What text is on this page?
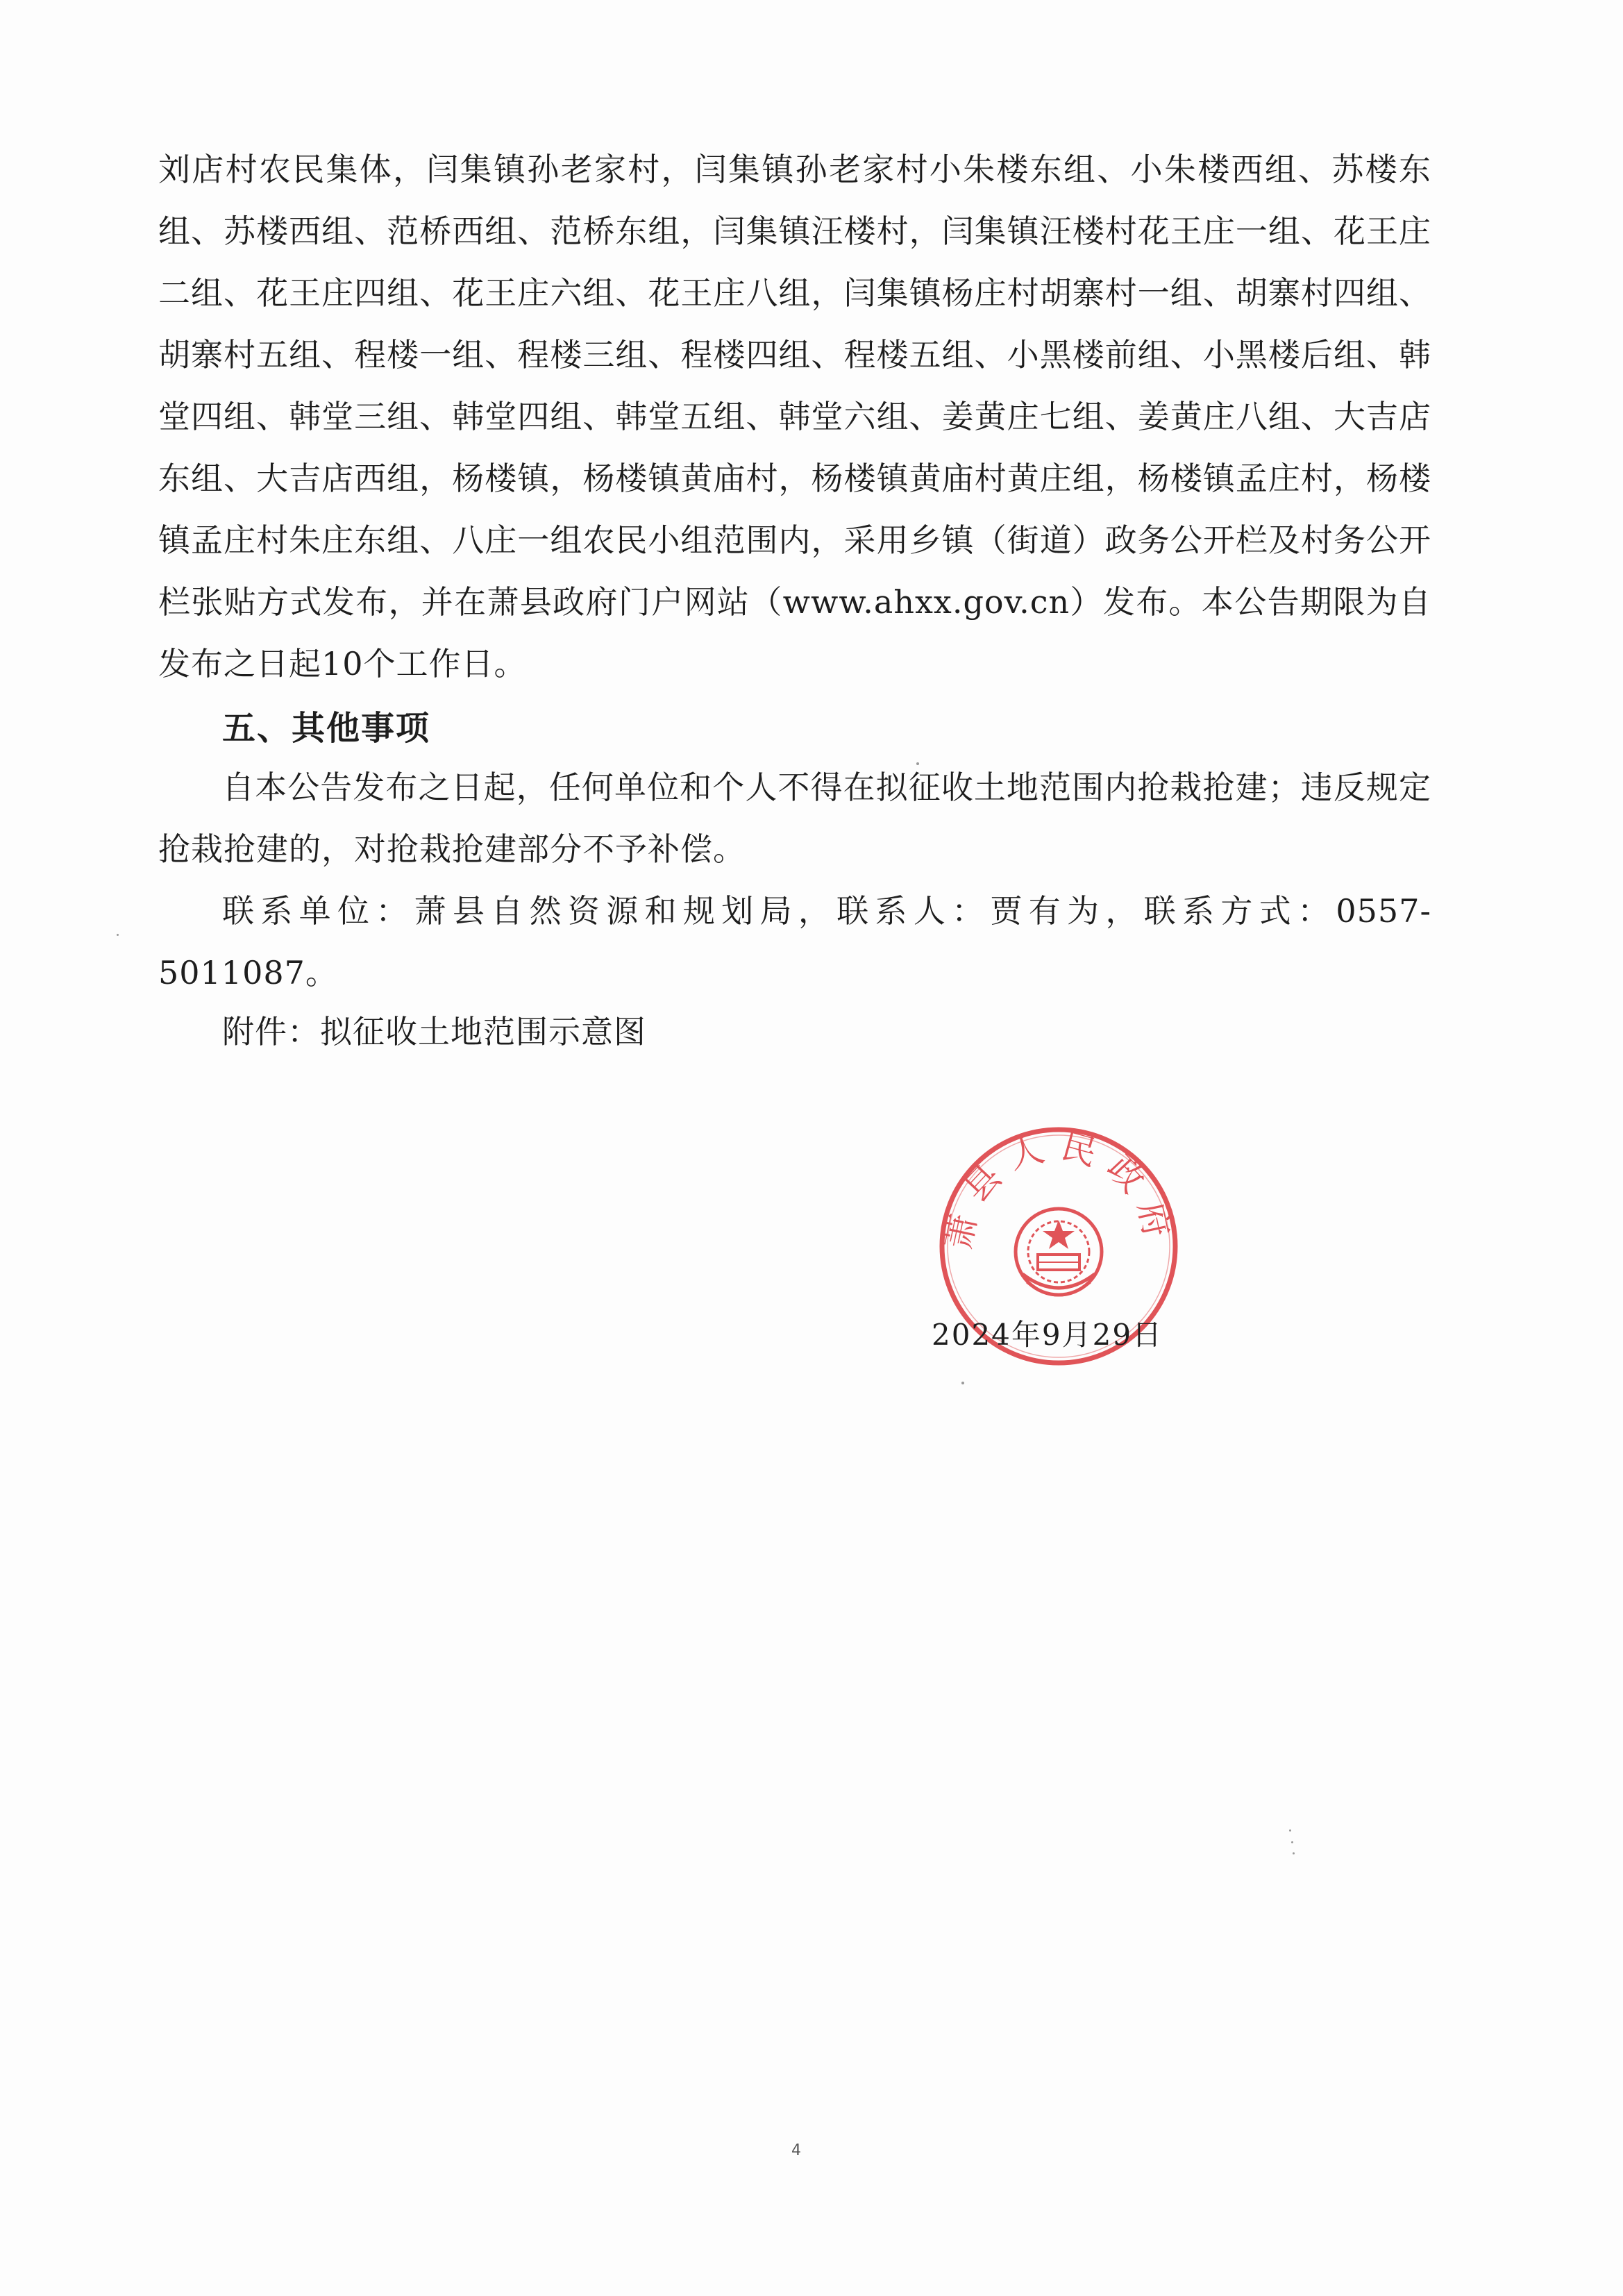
刘店村农民集体，闫集镇孙老家村，闫集镇孙老家村小朱楼东组、小朱楼西组、苏楼东组、苏楼西组、范桥西组、范桥东组，闫集镇汪楼村，闫集镇汪楼村花王庄一组、花王庄二组、花王庄四组、花王庄六组、花王庄八组，闫集镇杨庄村胡寨村一组、胡寨村四组、胡寨村五组、程楼一组、程楼三组、程楼四组、程楼五组、小黑楼前组、小黑楼后组、韩堂四组、韩堂三组、韩堂四组、韩堂五组、韩堂六组、姜黄庄七组、姜黄庄八组、大吉店东组、大吉店西组，杨楼镇，杨楼镇黄庙村，杨楼镇黄庙村黄庄组，杨楼镇孟庄村，杨楼镇孟庄村朱庄东组、八庄一组农民小组范围内，采用乡镇（街道）政务公开栏及村务公开栏张贴方式发布，并在萧县政府门户网站（www.ahxx.gov.cn）发布。本公告期限为自发布之日起10个工作日。

五、其他事项

自本公告发布之日起，任何单位和个人不得在拟征收土地范围内抢栽抢建；违反规定抢栽抢建的，对抢栽抢建部分不予补偿。

联系单位：萧县自然资源和规划局，联系人：贾有为，联系方式：0557-5011087。

附件：拟征收土地范围示意图
萧县人民政府
2024年9月29日
4
